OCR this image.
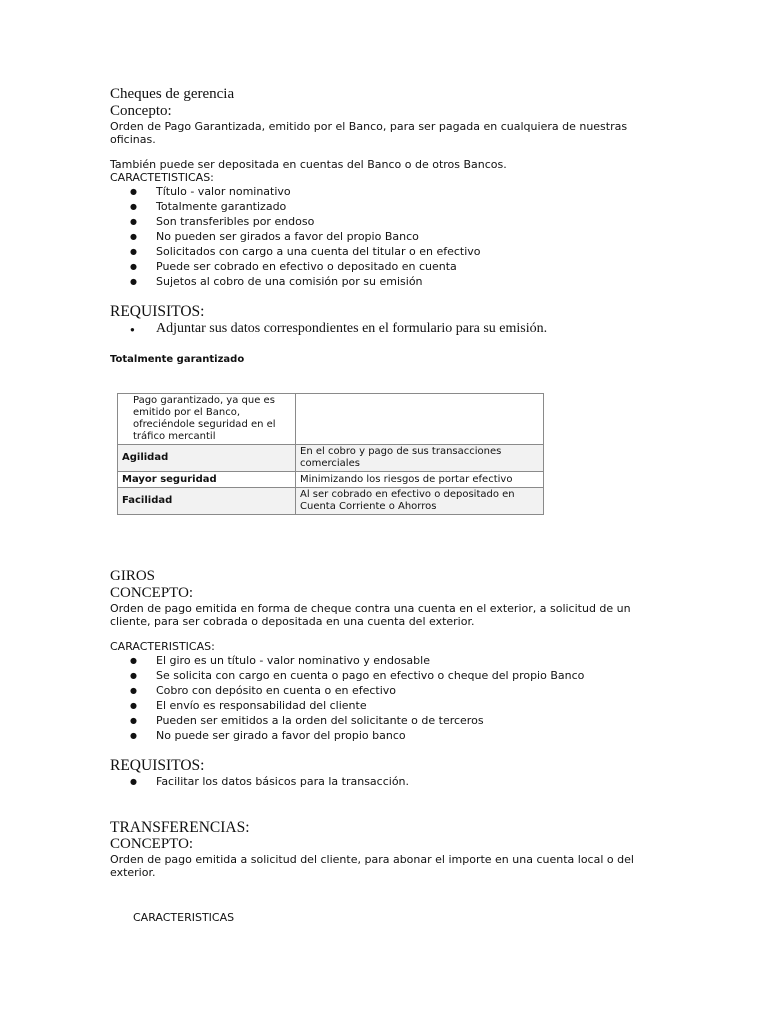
Cheques de gerencia

Concepto:

Orden de Pago Garantizada, emitido por el Banco, para ser pagada en cualquiera de nuestras oficinas.

También puede ser depositada en cuentas del Banco o de otros Bancos.

CARACTETISTICAS:

● Título - valor nominativo
● Totalmente garantizado
● Son transferibles por endoso
● No pueden ser girados a favor del propio Banco
● Solicitados con cargo a una cuenta del titular o en efectivo
● Puede ser cobrado en efectivo o depositado en cuenta
● Sujetos al cobro de una comisión por su emisión

REQUISITOS:

● Adjuntar sus datos correspondientes en el formulario para su emisión.

Totalmente garantizado

Pago garantizado, ya que es emitido por el Banco, ofreciéndole seguridad en el tráfico mercantil	
Agilidad	En el cobro y pago de sus transacciones comerciales
Mayor seguridad	Minimizando los riesgos de portar efectivo
Facilidad	Al ser cobrado en efectivo o depositado en Cuenta Corriente o Ahorros

GIROS

CONCEPTO:

Orden de pago emitida en forma de cheque contra una cuenta en el exterior, a solicitud de un cliente, para ser cobrada o depositada en una cuenta del exterior.

CARACTERISTICAS:

● El giro es un título - valor nominativo y endosable
● Se solicita con cargo en cuenta o pago en efectivo o cheque del propio Banco
● Cobro con depósito en cuenta o en efectivo
● El envío es responsabilidad del cliente
● Pueden ser emitidos a la orden del solicitante o de terceros
● No puede ser girado a favor del propio banco

REQUISITOS:

● Facilitar los datos básicos para la transacción.

TRANSFERENCIAS:

CONCEPTO:

Orden de pago emitida a solicitud del cliente, para abonar el importe en una cuenta local o del exterior.

CARACTERISTICAS
